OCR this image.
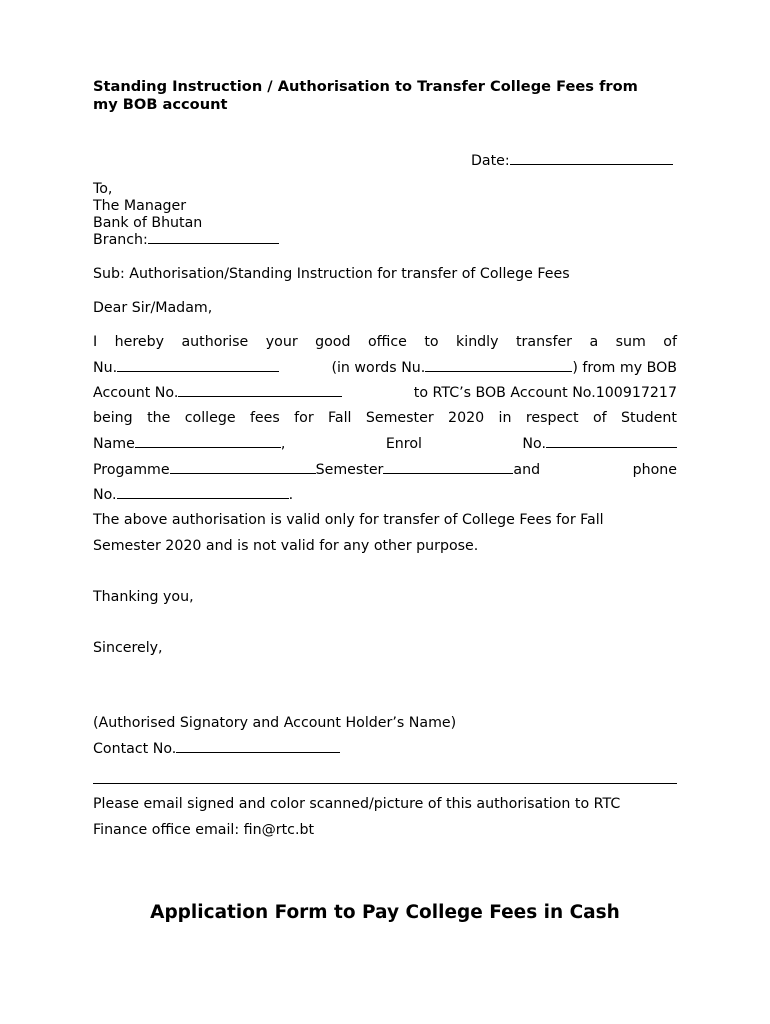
Standing Instruction / Authorisation to Transfer College Fees from
my BOB account
Date:
To,
The Manager
Bank of Bhutan
Branch:
Sub: Authorisation/Standing Instruction for transfer of College Fees
Dear Sir/Madam,
I hereby authorise your good office to kindly transfer a sum of
Nu.	(in words Nu.	) from my BOB
Account No.	to RTC’s BOB Account No.100917217
being the college fees for Fall Semester 2020 in respect of Student
Name	,	Enrol	No.
Progamme	Semester	and	phone
No.	.
The above authorisation is valid only for transfer of College Fees for Fall
Semester 2020 and is not valid for any other purpose.
Thanking you,
Sincerely,
(Authorised Signatory and Account Holder’s Name)
Contact No.
Please email signed and color scanned/picture of this authorisation to RTC
Finance office email: fin@rtc.bt
Application Form to Pay College Fees in Cash
